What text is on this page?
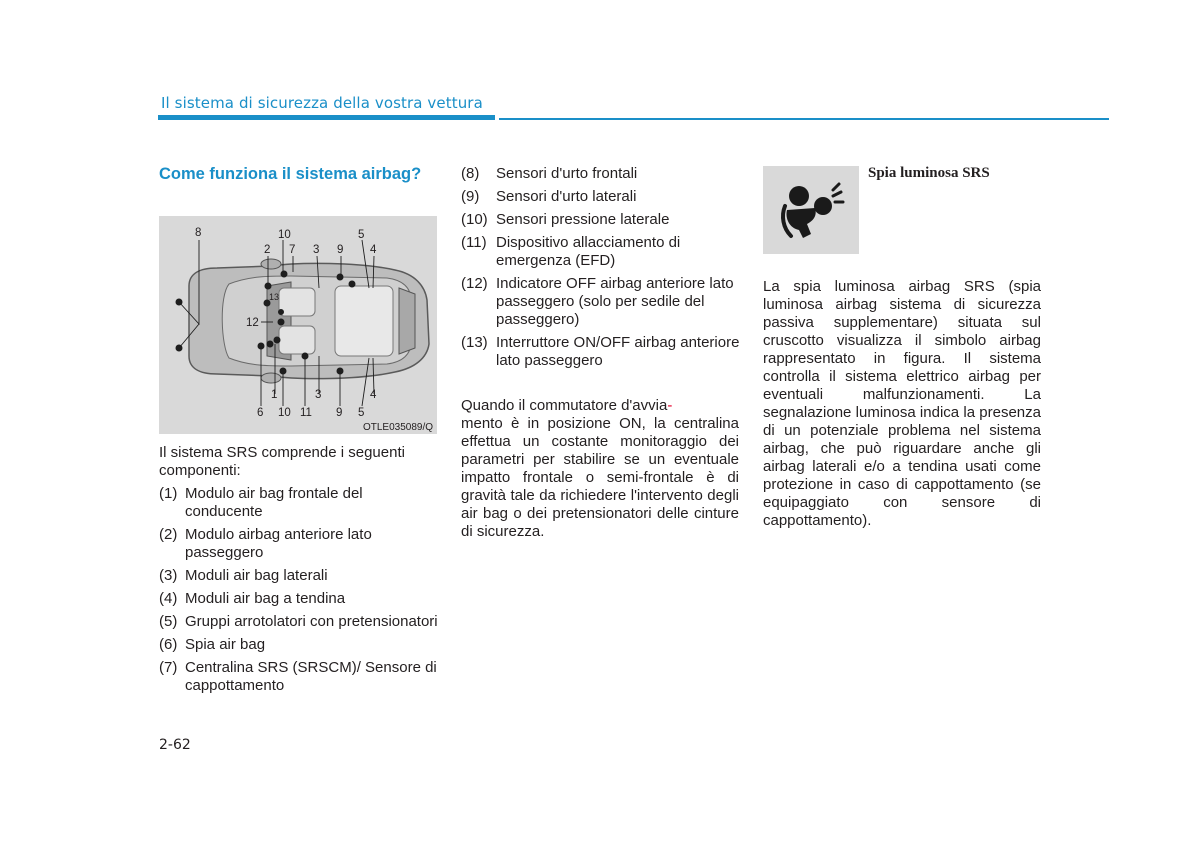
Il sistema di sicurezza della vostra vettura
Come funziona il sistema airbag?
8	10
2 7 3 9
5
4
12
13
1
6 10 11
3
9 5
4
OTLE035089/Q
Il sistema SRS comprende i seguenti componenti:
(1) Modulo air bag frontale del conducente
(2) Modulo airbag anteriore lato passeggero
(3) Moduli air bag laterali
(4) Moduli air bag a tendina
(5) Gruppi arrotolatori con pretensionatori
(6) Spia air bag
(7) Centralina SRS (SRSCM)/ Sensore di cappottamento
(8)	Sensori d'urto frontali
(9)	Sensori d'urto laterali
(10) Sensori pressione laterale
(11) Dispositivo allacciamento di emergenza (EFD)
(12) Indicatore OFF airbag anteriore lato passeggero (solo per sedile del passeggero)
(13) Interruttore ON/OFF airbag anteriore lato passeggero
Quando il commutatore d'avvia-
mento è in posizione ON, la centralina effettua un costante monitoraggio dei parametri per stabilire se un eventuale impatto frontale o semi-frontale è di gravità tale da richiedere l'intervento degli air bag o dei pretensionatori delle cinture di sicurezza.
Spia luminosa SRS
La spia luminosa airbag SRS (spia luminosa airbag sistema di sicurezza passiva supplementare) situata sul cruscotto visualizza il simbolo airbag rappresentato in figura. Il sistema controlla il sistema elettrico airbag per eventuali malfunzionamenti. La segnalazione luminosa indica la presenza di un potenziale problema nel sistema airbag, che può riguardare anche gli airbag laterali e/o a tendina usati come protezione in caso di cappottamento (se equipaggiato con sensore di cappottamento).
2-62
